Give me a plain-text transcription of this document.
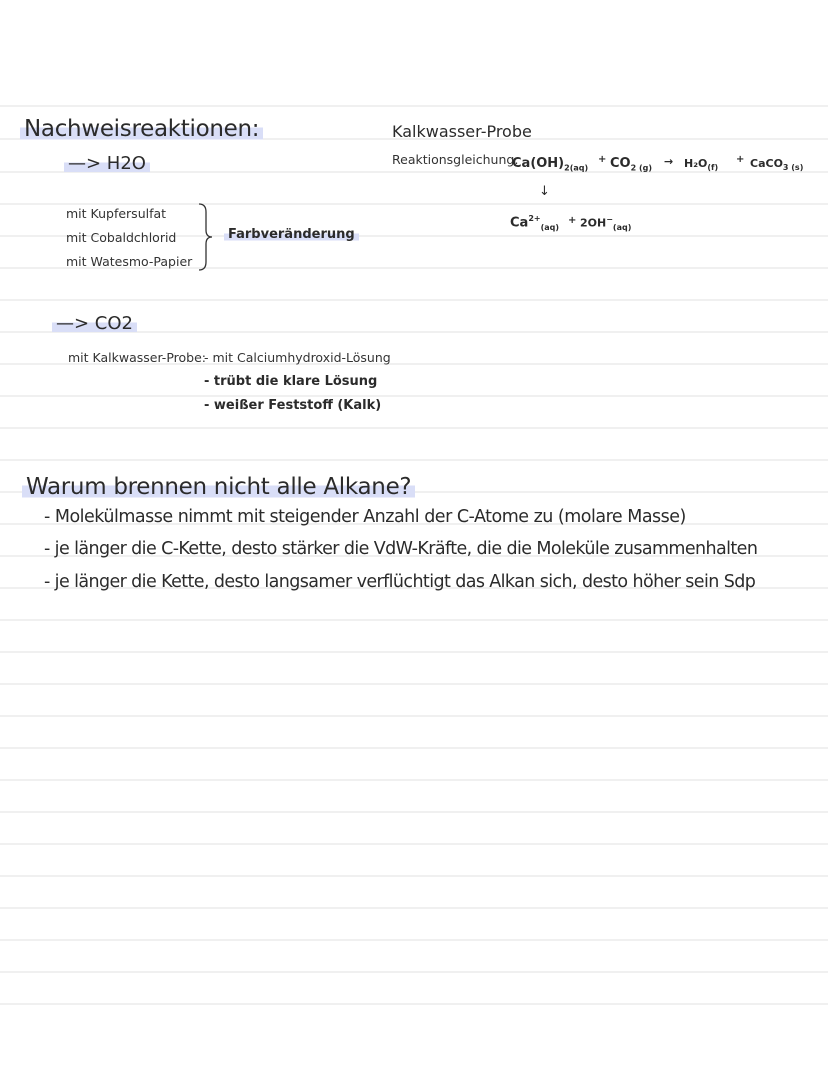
Nachweisreaktionen:
—> H2O
mit Kupfersulfat
mit Cobaldchlorid
mit Watesmo-Papier
Farbveränderung
—> CO2
mit Kalkwasser-Probe:
- mit Calciumhydroxid-Lösung
- trübt die klare Lösung
- weißer Feststoff (Kalk)
Kalkwasser-Probe
Reaktionsgleichung:
$Ca(OH)_{2(aq)}$
+ $CO_{2 (g)}$
→ $H_2O_{(f)}$
+ CaCO$_{3 (s)}$
↓
$Ca^{2+}_{(aq)}$
+ $2OH^-_{(aq)}$
Warum brennen nicht alle Alkane?
- Molekülmasse nimmt mit steigender Anzahl der C-Atome zu (molare Masse)
- je länger die C-Kette, desto stärker die VdW-Kräfte, die die Moleküle zusammenhalten
- je länger die Kette, desto langsamer verflüchtigt das Alkan sich, desto höher sein Sdp
